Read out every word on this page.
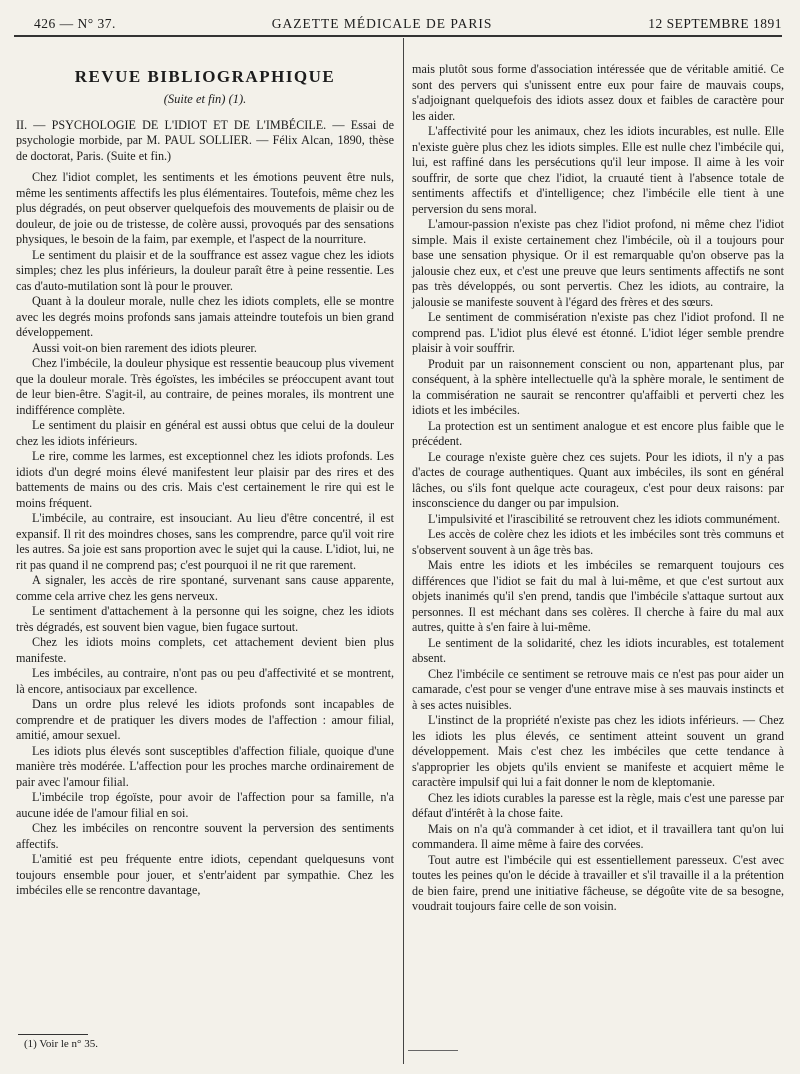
426 — N° 37.	GAZETTE MÉDICALE DE PARIS	12 SEPTEMBRE 1891
REVUE BIBLIOGRAPHIQUE
(Suite et fin) (1).

II. — PSYCHOLOGIE DE L'IDIOT ET DE L'IMBÉCILE. — Essai de psychologie morbide, par M. PAUL SOLLIER. — Félix Alcan, 1890, thèse de doctorat, Paris. (Suite et fin.)

Chez l'idiot complet, les sentiments et les émotions peuvent être nuls, même les sentiments affectifs les plus élémentaires. Toutefois, même chez les plus dégradés, on peut observer quelquefois des mouvements de plaisir ou de douleur, de joie ou de tristesse, de colère aussi, provoqués par des sensations physiques, le besoin de la faim, par exemple, et l'aspect de la nourriture.

Le sentiment du plaisir et de la souffrance est assez vague chez les idiots simples; chez les plus inférieurs, la douleur paraît être à peine ressentie. Les cas d'auto-mutilation sont là pour le prouver.

Quant à la douleur morale, nulle chez les idiots complets, elle se montre avec les degrés moins profonds sans jamais atteindre toutefois un bien grand développement.

Aussi voit-on bien rarement des idiots pleurer.

Chez l'imbécile, la douleur physique est ressentie beaucoup plus vivement que la douleur morale. Très égoïstes, les imbéciles se préoccupent avant tout de leur bien-être. S'agit-il, au contraire, de peines morales, ils montrent une indifférence complète.

Le sentiment du plaisir en général est aussi obtus que celui de la douleur chez les idiots inférieurs.

Le rire, comme les larmes, est exceptionnel chez les idiots profonds. Les idiots d'un degré moins élevé manifestent leur plaisir par des rires et des battements de mains ou des cris. Mais c'est certainement le rire qui est le moins fréquent.

L'imbécile, au contraire, est insouciant. Au lieu d'être concentré, il est expansif. Il rit des moindres choses, sans les comprendre, parce qu'il voit rire les autres. Sa joie est sans proportion avec le sujet qui la cause. L'idiot, lui, ne rit pas quand il ne comprend pas; c'est pourquoi il ne rit que rarement.

A signaler, les accès de rire spontané, survenant sans cause apparente, comme cela arrive chez les gens nerveux.

Le sentiment d'attachement à la personne qui les soigne, chez les idiots très dégradés, est souvent bien vague, bien fugace surtout.

Chez les idiots moins complets, cet attachement devient bien plus manifeste.

Les imbéciles, au contraire, n'ont pas ou peu d'affectivité et se montrent, là encore, antisociaux par excellence.

Dans un ordre plus relevé les idiots profonds sont incapables de comprendre et de pratiquer les divers modes de l'affection : amour filial, amitié, amour sexuel.

Les idiots plus élevés sont susceptibles d'affection filiale, quoique d'une manière très modérée. L'affection pour les proches marche ordinairement de pair avec l'amour filial.

L'imbécile trop égoïste, pour avoir de l'affection pour sa famille, n'a aucune idée de l'amour filial en soi.

Chez les imbéciles on rencontre souvent la perversion des sentiments affectifs.

L'amitié est peu fréquente entre idiots, cependant quelquesuns vont toujours ensemble pour jouer, et s'entr'aident par sympathie. Chez les imbéciles elle se rencontre davantage,

mais plutôt sous forme d'association intéressée que de véritable amitié. Ce sont des pervers qui s'unissent entre eux pour faire de mauvais coups, s'adjoignant quelquefois des idiots assez doux et faibles de caractère pour les aider.

L'affectivité pour les animaux, chez les idiots incurables, est nulle. Elle n'existe guère plus chez les idiots simples. Elle est nulle chez l'imbécile qui, lui, est raffiné dans les persécutions qu'il leur impose. Il aime à les voir souffrir, de sorte que chez l'idiot, la cruauté tient à l'absence totale de sentiments affectifs et d'intelligence; chez l'imbécile elle tient à une perversion du sens moral.

L'amour-passion n'existe pas chez l'idiot profond, ni même chez l'idiot simple. Mais il existe certainement chez l'imbécile, où il a toujours pour base une sensation physique. Or il est remarquable qu'on observe pas la jalousie chez eux, et c'est une preuve que leurs sentiments affectifs ne sont pas très développés, ou sont pervertis. Chez les idiots, au contraire, la jalousie se manifeste souvent à l'égard des frères et des sœurs.

Le sentiment de commisération n'existe pas chez l'idiot profond. Il ne comprend pas. L'idiot plus élevé est étonné. L'idiot léger semble prendre plaisir à voir souffrir.

Produit par un raisonnement conscient ou non, appartenant plus, par conséquent, à la sphère intellectuelle qu'à la sphère morale, le sentiment de la commisération ne saurait se rencontrer qu'affaibli et perverti chez les idiots et les imbéciles.

La protection est un sentiment analogue et est encore plus faible que le précédent.

Le courage n'existe guère chez ces sujets. Pour les idiots, il n'y a pas d'actes de courage authentiques. Quant aux imbéciles, ils sont en général lâches, ou s'ils font quelque acte courageux, c'est pour deux raisons: par insconscience du danger ou par impulsion.

L'impulsivité et l'irascibilité se retrouvent chez les idiots communément.

Les accès de colère chez les idiots et les imbéciles sont très communs et s'observent souvent à un âge très bas.

Mais entre les idiots et les imbéciles se remarquent toujours ces différences que l'idiot se fait du mal à lui-même, et que c'est surtout aux objets inanimés qu'il s'en prend, tandis que l'imbécile s'attaque surtout aux personnes. Il est méchant dans ses colères. Il cherche à faire du mal aux autres, quitte à s'en faire à lui-même.

Le sentiment de la solidarité, chez les idiots incurables, est totalement absent.

Chez l'imbécile ce sentiment se retrouve mais ce n'est pas pour aider un camarade, c'est pour se venger d'une entrave mise à ses mauvais instincts et à ses actes nuisibles.

L'instinct de la propriété n'existe pas chez les idiots inférieurs. — Chez les idiots les plus élevés, ce sentiment atteint souvent un grand développement. Mais c'est chez les imbéciles que cette tendance à s'approprier les objets qu'ils envient se manifeste et acquiert même le caractère impulsif qui lui a fait donner le nom de kleptomanie.

Chez les idiots curables la paresse est la règle, mais c'est une paresse par défaut d'intérêt à la chose faite.

Mais on n'a qu'à commander à cet idiot, et il travaillera tant qu'on lui commandera. Il aime même à faire des corvées.

Tout autre est l'imbécile qui est essentiellement paresseux. C'est avec toutes les peines qu'on le décide à travailler et s'il travaille il a la prétention de bien faire, prend une initiative fâcheuse, se dégoûte vite de sa besogne, voudrait toujours faire celle de son voisin.

(1) Voir le n° 35.
